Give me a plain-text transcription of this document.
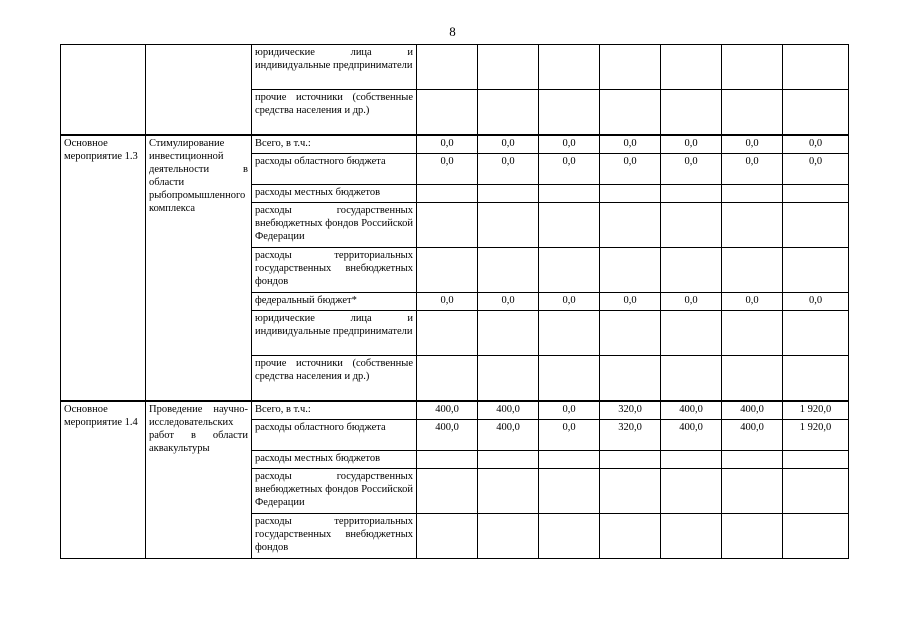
8
		юридические лица и индивидуальные предприниматели							
		прочие источники (собственные средства населения и др.)							
Основное мероприятие 1.3	Стимулирование инвестиционной деятельности в области рыбопромышленного комплекса	Всего, в т.ч.:	0,0	0,0	0,0	0,0	0,0	0,0	0,0
		расходы областного бюджета	0,0	0,0	0,0	0,0	0,0	0,0	0,0
		расходы местных бюджетов							
		расходы государственных внебюджетных фондов Российской Федерации							
		расходы территориальных государственных внебюджетных фондов							
		федеральный бюджет*	0,0	0,0	0,0	0,0	0,0	0,0	0,0
		юридические лица и индивидуальные предприниматели							
		прочие источники (собственные средства населения и др.)							
Основное мероприятие 1.4	Проведение научно-исследовательских работ в области аквакультуры	Всего, в т.ч.:	400,0	400,0	0,0	320,0	400,0	400,0	1 920,0
		расходы областного бюджета	400,0	400,0	0,0	320,0	400,0	400,0	1 920,0
		расходы местных бюджетов							
		расходы государственных внебюджетных фондов Российской Федерации							
		расходы территориальных государственных внебюджетных фондов							
